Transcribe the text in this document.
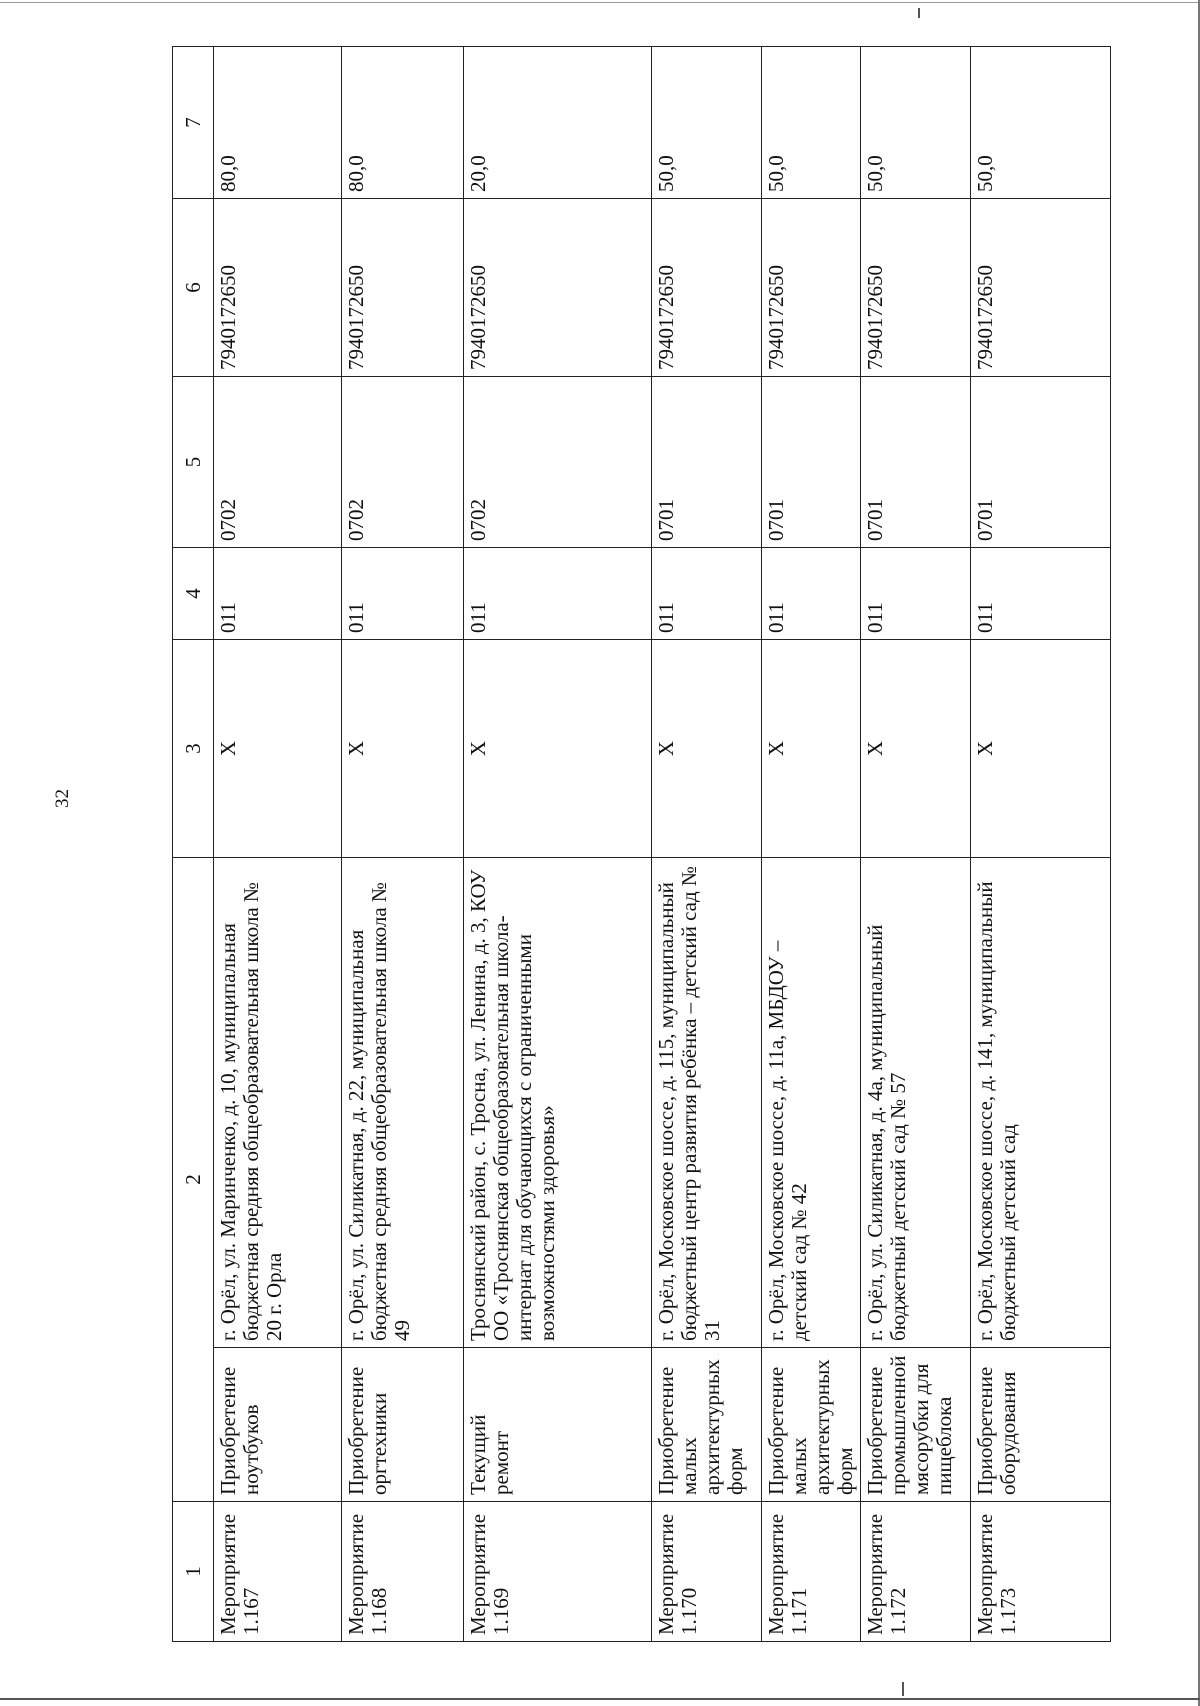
32
1	2		3	4	5	6	7
Мероприятие 1.167	Приобретение ноутбуков	г. Орёл, ул. Маринченко, д. 10, муниципальная бюджетная средняя общеобразовательная школа № 20 г. Орла	Х	011	0702	7940172650	80,0
Мероприятие 1.168	Приобретение оргтехники	г. Орёл, ул. Силикатная, д. 22, муниципальная бюджетная средняя общеобразовательная школа № 49	Х	011	0702	7940172650	80,0
Мероприятие 1.169	Текущий ремонт	Троснянский район, с. Тросна, ул. Ленина, д. 3, КОУ ОО «Троснянская общеобразовательная школа-интернат для обучающихся с ограниченными возможностями здоровья»	Х	011	0702	7940172650	20,0
Мероприятие 1.170	Приобретение малых архитектурных форм	г. Орёл, Московское шоссе, д. 115, муниципальный бюджетный центр развития ребёнка – детский сад № 31	Х	011	0701	7940172650	50,0
Мероприятие 1.171	Приобретение малых архитектурных форм	г. Орёл, Московское шоссе, д. 11а, МБДОУ – детский сад № 42	Х	011	0701	7940172650	50,0
Мероприятие 1.172	Приобретение промышленной мясорубки для пищеблока	г. Орёл, ул. Силикатная, д. 4а, муниципальный бюджетный детский сад № 57	Х	011	0701	7940172650	50,0
Мероприятие 1.173	Приобретение оборудования	г. Орёл, Московское шоссе, д. 141, муниципальный бюджетный детский сад	Х	011	0701	7940172650	50,0
